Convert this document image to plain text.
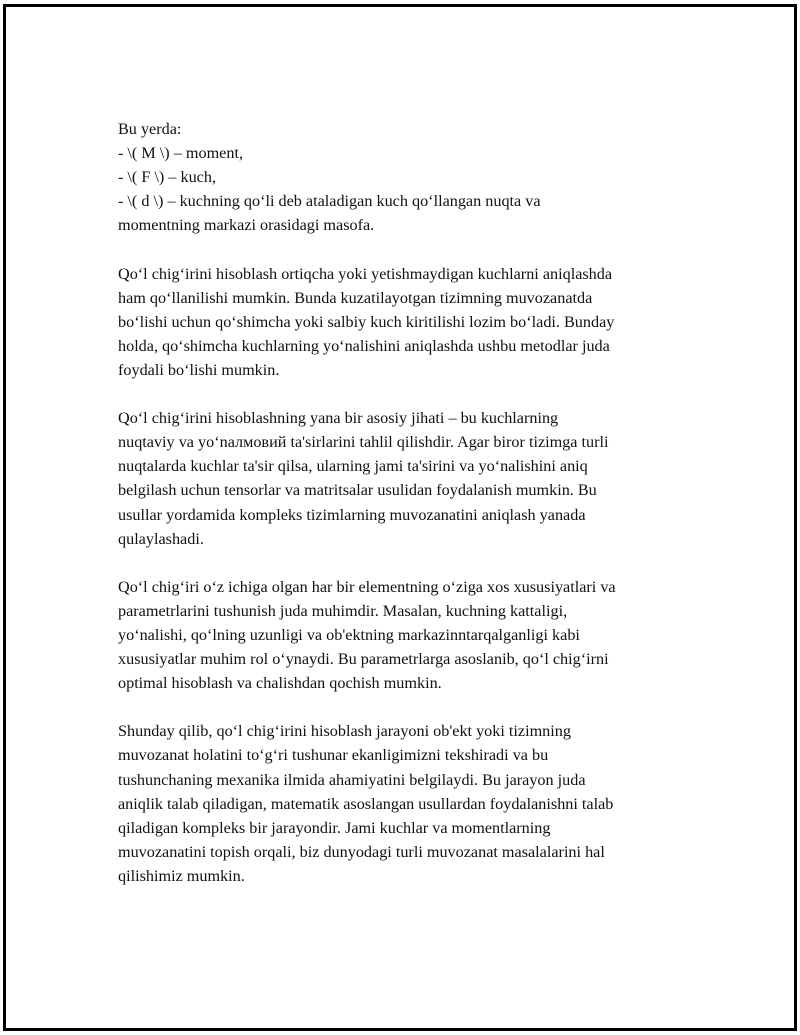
Bu yerda:
- \( M \) – moment,
- \( F \) – kuch,
- \( d \) – kuchning qo‘li deb ataladigan kuch qo‘llangan nuqta va
momentning markazi orasidagi masofa.
Qo‘l chig‘irini hisoblash ortiqcha yoki yetishmaydigan kuchlarni aniqlashda
ham qo‘llanilishi mumkin. Bunda kuzatilayotgan tizimning muvozanatda
bo‘lishi uchun qo‘shimcha yoki salbiy kuch kiritilishi lozim bo‘ladi. Bunday
holda, qo‘shimcha kuchlarning yo‘nalishini aniqlashda ushbu metodlar juda
foydali bo‘lishi mumkin.
Qo‘l chig‘irini hisoblashning yana bir asosiy jihati – bu kuchlarning
nuqtaviy va yo‘nалмовий ta'sirlarini tahlil qilishdir. Agar biror tizimga turli
nuqtalarda kuchlar ta'sir qilsa, ularning jami ta'sirini va yo‘nalishini aniq
belgilash uchun tensorlar va matritsalar usulidan foydalanish mumkin. Bu
usullar yordamida kompleks tizimlarning muvozanatini aniqlash yanada
qulaylashadi.
Qo‘l chig‘iri o‘z ichiga olgan har bir elementning o‘ziga xos xususiyatlari va
parametrlarini tushunish juda muhimdir. Masalan, kuchning kattaligi,
yo‘nalishi, qo‘lning uzunligi va ob'ektning markazinntarqalganligi kabi
xususiyatlar muhim rol o‘ynaydi. Bu parametrlarga asoslanib, qo‘l chig‘irni
optimal hisoblash va chalishdan qochish mumkin.
Shunday qilib, qo‘l chig‘irini hisoblash jarayoni ob'ekt yoki tizimning
muvozanat holatini to‘g‘ri tushunar ekanligimizni tekshiradi va bu
tushunchaning mexanika ilmida ahamiyatini belgilaydi. Bu jarayon juda
aniqlik talab qiladigan, matematik asoslangan usullardan foydalanishni talab
qiladigan kompleks bir jarayondir. Jami kuchlar va momentlarning
muvozanatini topish orqali, biz dunyodagi turli muvozanat masalalarini hal
qilishimiz mumkin.
